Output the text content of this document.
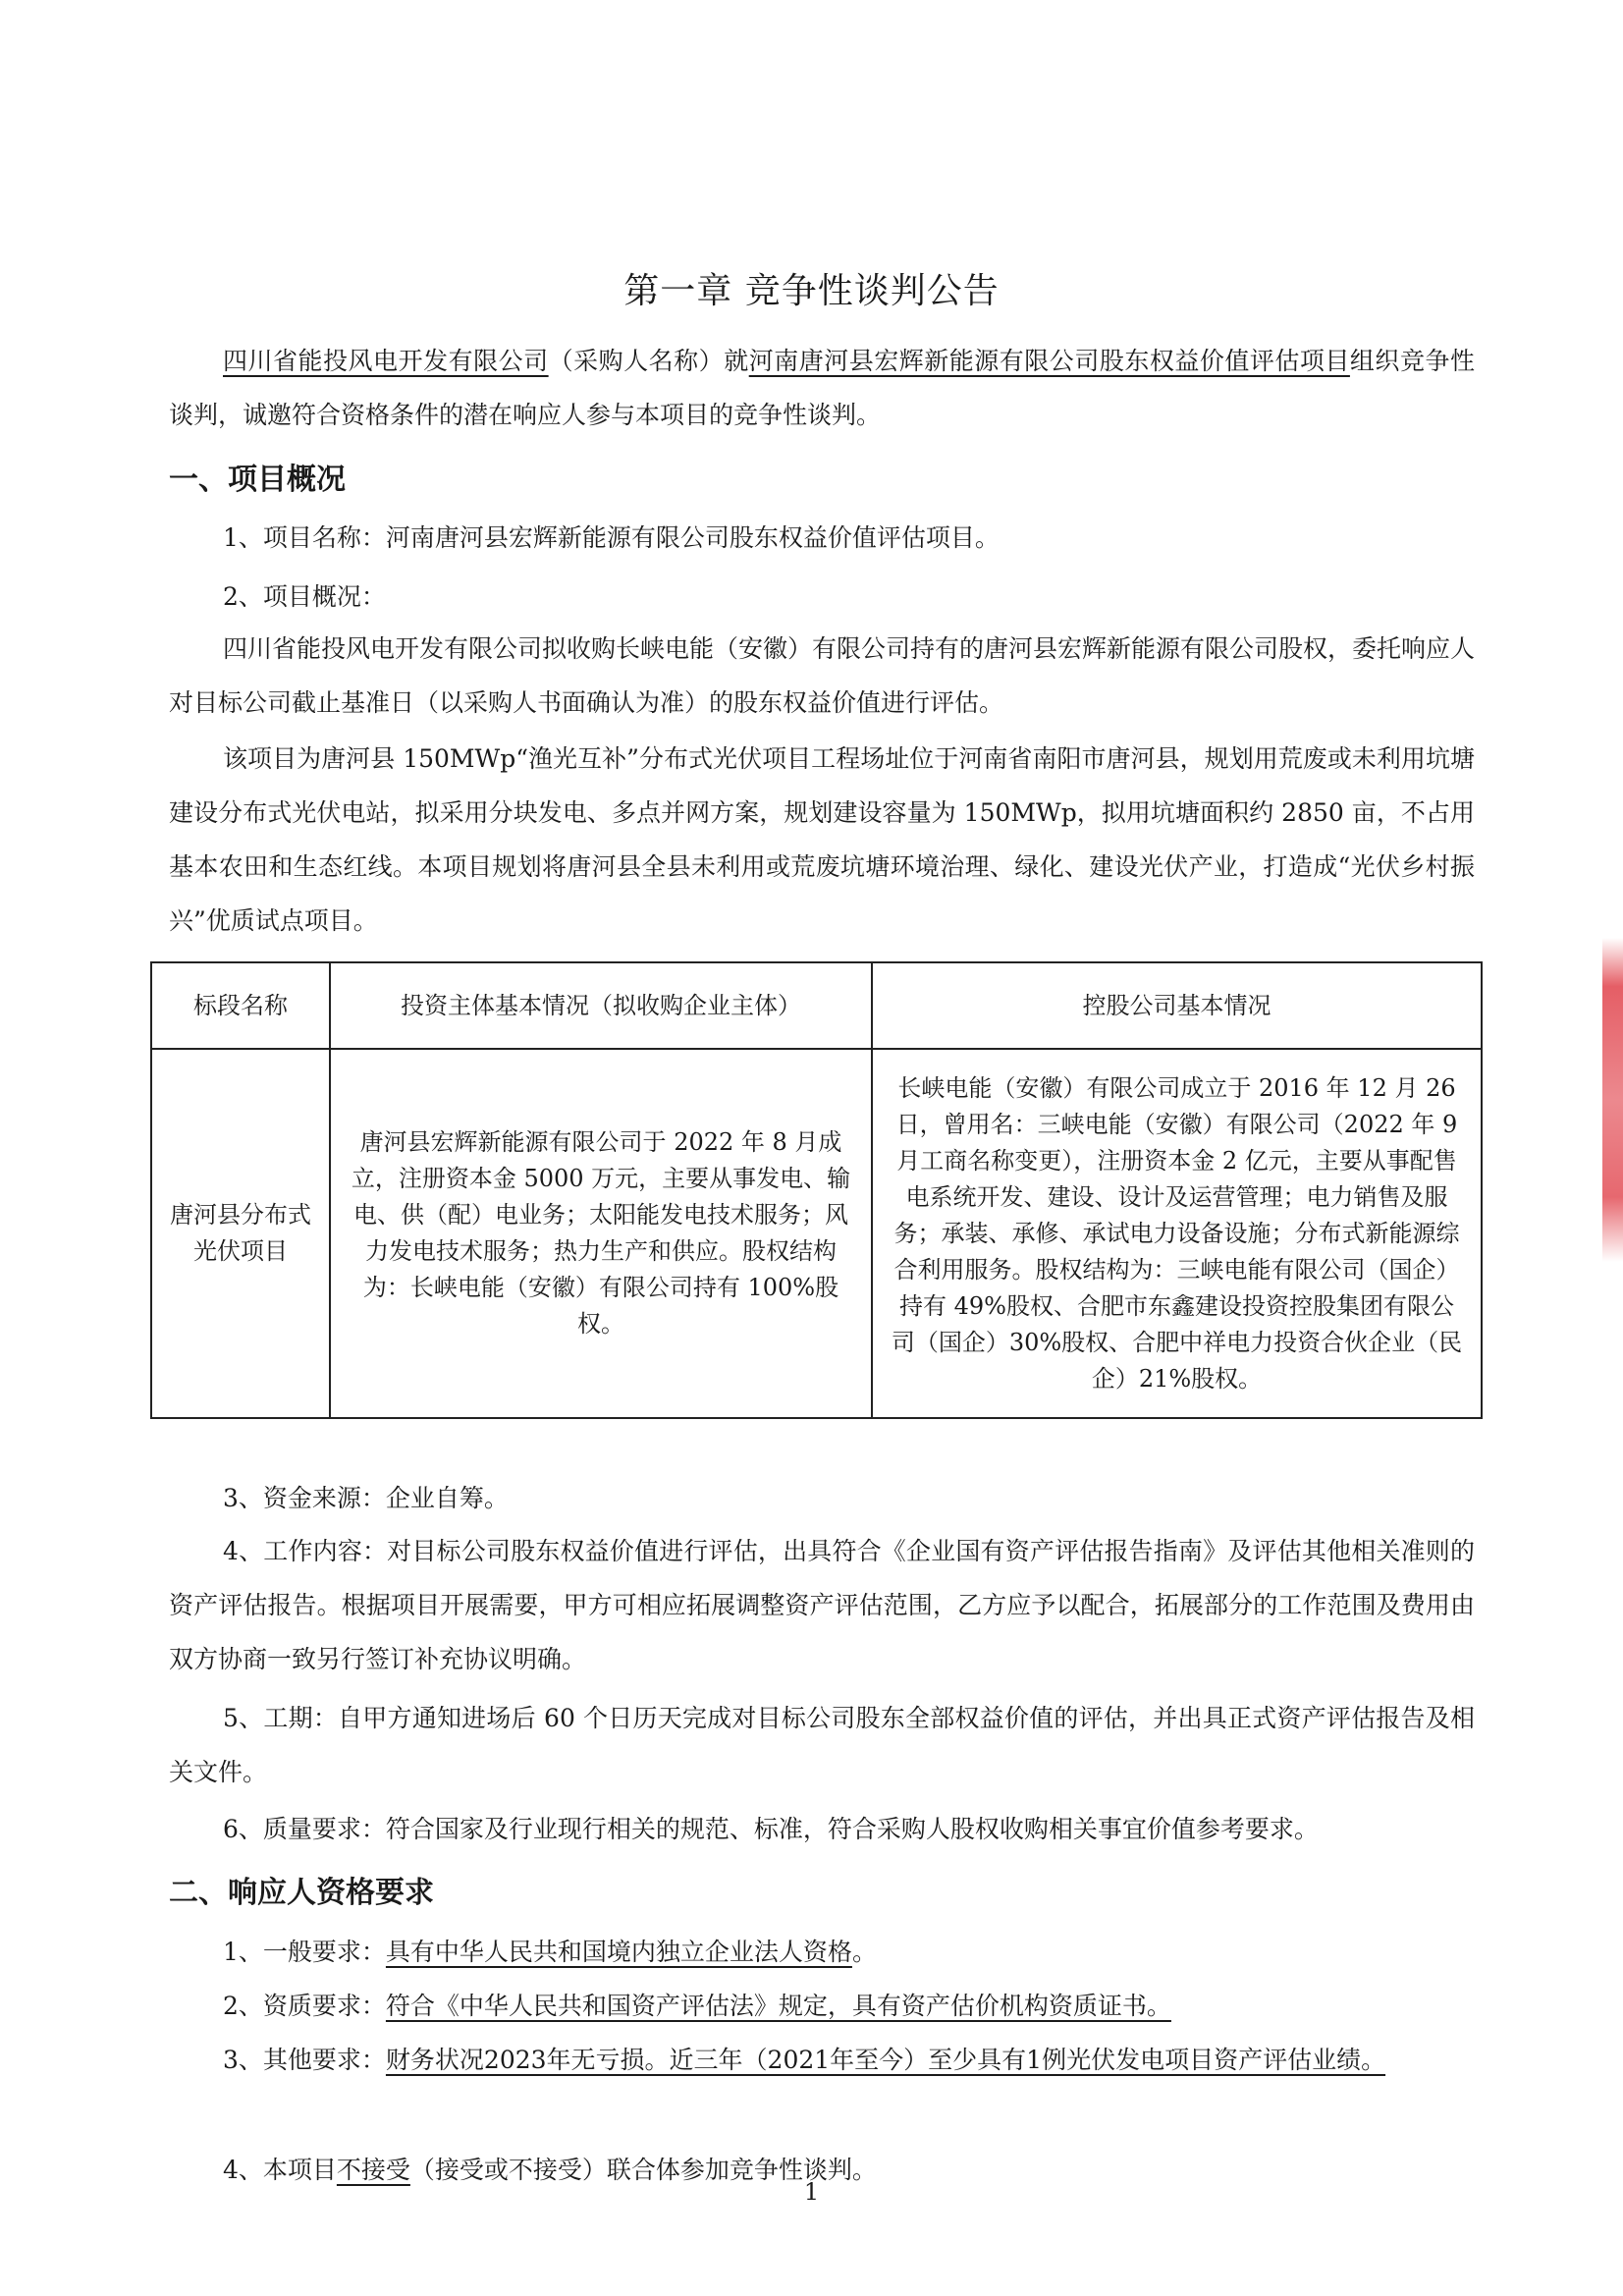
第一章 竞争性谈判公告

四川省能投风电开发有限公司（采购人名称）就河南唐河县宏辉新能源有限公司股东权益价值评估项目组织竞争性谈判，诚邀符合资格条件的潜在响应人参与本项目的竞争性谈判。

一、项目概况

1、项目名称：河南唐河县宏辉新能源有限公司股东权益价值评估项目。

2、项目概况：

四川省能投风电开发有限公司拟收购长峡电能（安徽）有限公司持有的唐河县宏辉新能源有限公司股权，委托响应人对目标公司截止基准日（以采购人书面确认为准）的股东权益价值进行评估。

该项目为唐河县 150MWp“渔光互补”分布式光伏项目工程场址位于河南省南阳市唐河县，规划用荒废或未利用坑塘建设分布式光伏电站，拟采用分块发电、多点并网方案，规划建设容量为 150MWp，拟用坑塘面积约 2850 亩，不占用基本农田和生态红线。本项目规划将唐河县全县未利用或荒废坑塘环境治理、绿化、建设光伏产业，打造成“光伏乡村振兴”优质试点项目。

标段名称	投资主体基本情况（拟收购企业主体）	控股公司基本情况
唐河县分布式光伏项目	唐河县宏辉新能源有限公司于 2022 年 8 月成立，注册资本金 5000 万元，主要从事发电、输电、供（配）电业务；太阳能发电技术服务；风力发电技术服务；热力生产和供应。股权结构为：长峡电能（安徽）有限公司持有 100%股权。	长峡电能（安徽）有限公司成立于 2016 年 12 月 26 日，曾用名：三峡电能（安徽）有限公司（2022 年 9 月工商名称变更），注册资本金 2 亿元，主要从事配售电系统开发、建设、设计及运营管理；电力销售及服务；承装、承修、承试电力设备设施；分布式新能源综合利用服务。股权结构为：三峡电能有限公司（国企）持有 49%股权、合肥市东鑫建设投资控股集团有限公司（国企）30%股权、合肥中祥电力投资合伙企业（民企）21%股权。

3、资金来源：企业自筹。

4、工作内容：对目标公司股东权益价值进行评估，出具符合《企业国有资产评估报告指南》及评估其他相关准则的资产评估报告。根据项目开展需要，甲方可相应拓展调整资产评估范围，乙方应予以配合，拓展部分的工作范围及费用由双方协商一致另行签订补充协议明确。

5、工期：自甲方通知进场后 60 个日历天完成对目标公司股东全部权益价值的评估，并出具正式资产评估报告及相关文件。

6、质量要求：符合国家及行业现行相关的规范、标准，符合采购人股权收购相关事宜价值参考要求。

二、响应人资格要求

1、一般要求：具有中华人民共和国境内独立企业法人资格。

2、资质要求：符合《中华人民共和国资产评估法》规定，具有资产估价机构资质证书。

3、其他要求：财务状况2023年无亏损。近三年（2021年至今）至少具有1例光伏发电项目资产评估业绩。

4、本项目不接受（接受或不接受）联合体参加竞争性谈判。

1
